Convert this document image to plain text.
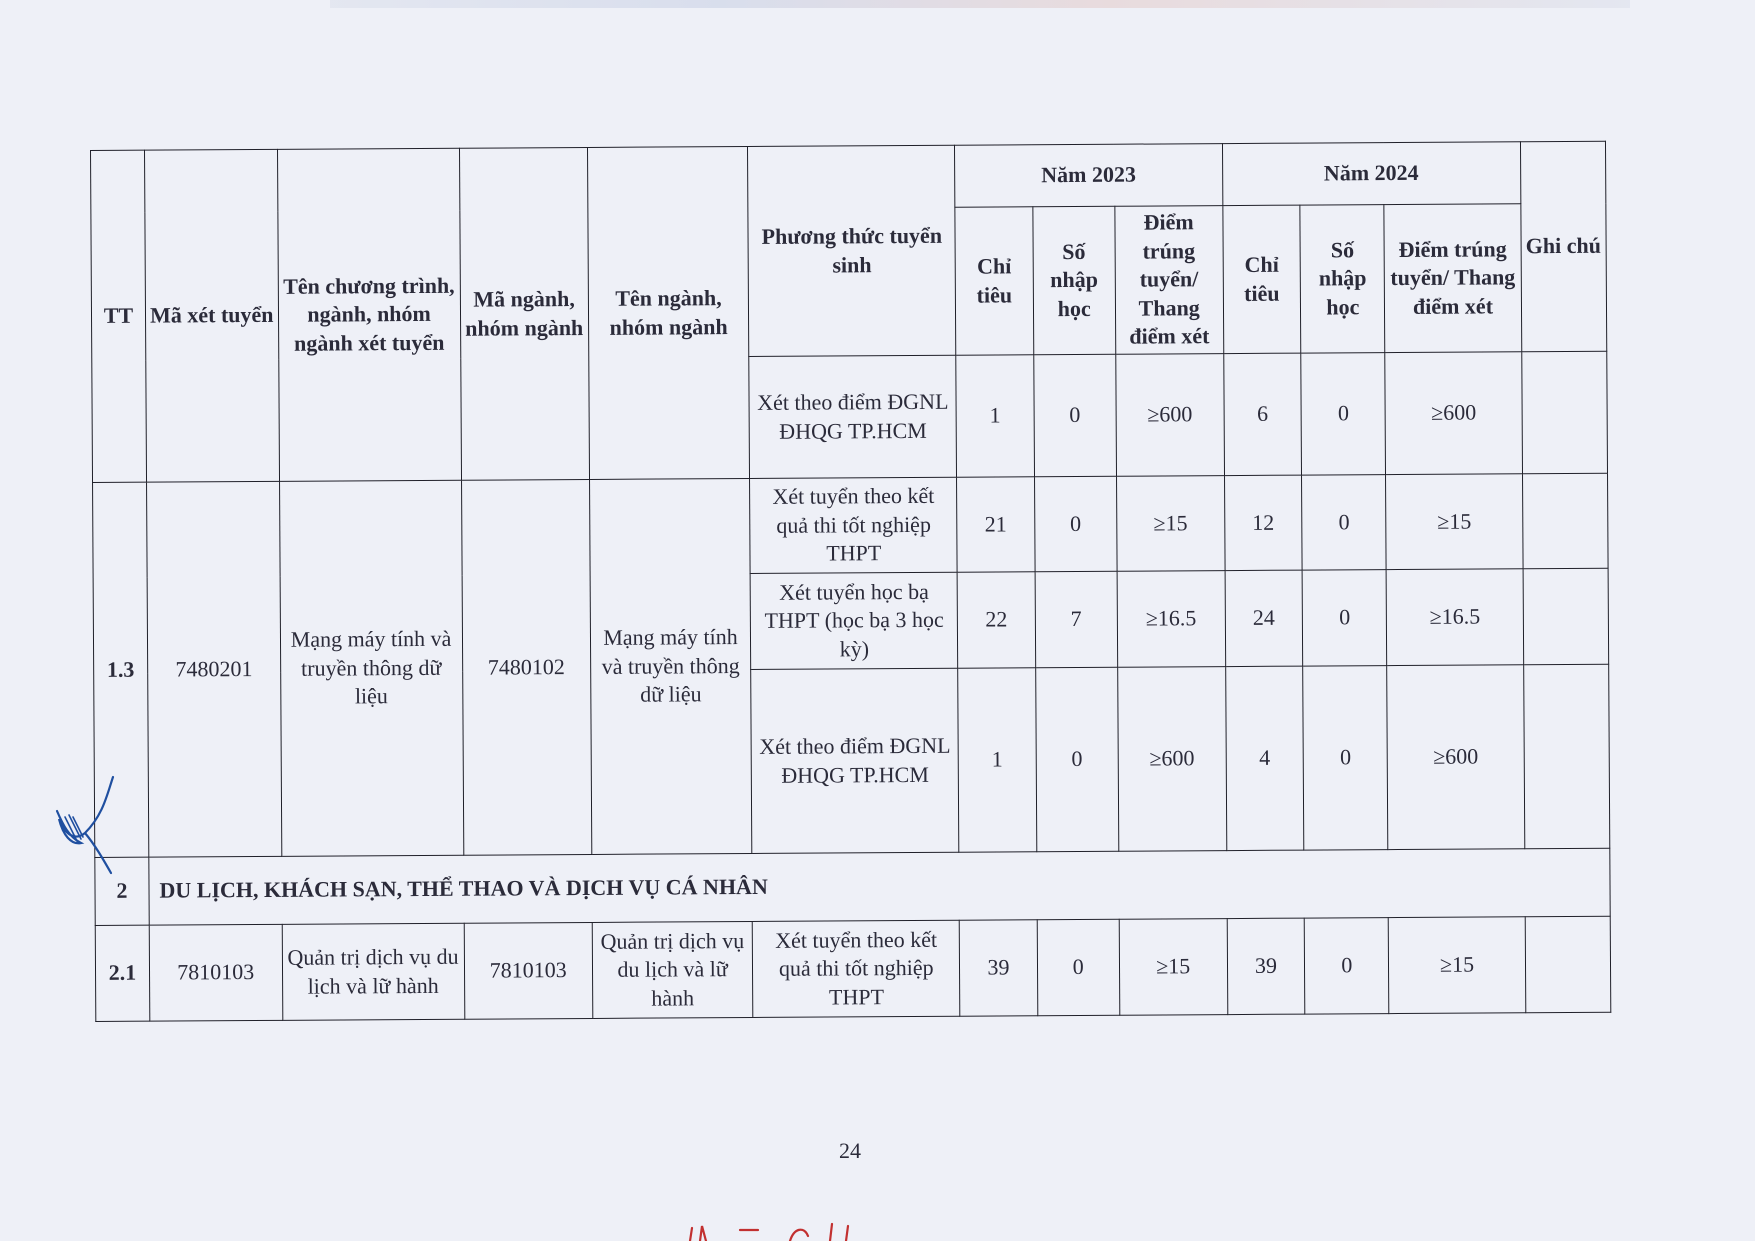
TT	Mã xét tuyển	Tên chương trình, ngành, nhóm ngành xét tuyển	Mã ngành, nhóm ngành	Tên ngành, nhóm ngành	Phương thức tuyển sinh	Năm 2023			Năm 2024			Ghi chú
						Chỉ tiêu	Số nhập học	Điểm trúng tuyển/ Thang điểm xét	Chỉ tiêu	Số nhập học	Điểm trúng tuyển/ Thang điểm xét	
					Xét theo điểm ĐGNL ĐHQG TP.HCM	1	0	≥600	6	0	≥600	
1.3	7480201	Mạng máy tính và truyền thông dữ liệu	7480102	Mạng máy tính và truyền thông dữ liệu	Xét tuyển theo kết quả thi tốt nghiệp THPT	21	0	≥15	12	0	≥15	
					Xét tuyển học bạ THPT (học bạ 3 học kỳ)	22	7	≥16.5	24	0	≥16.5	
					Xét theo điểm ĐGNL ĐHQG TP.HCM	1	0	≥600	4	0	≥600	
2	DU LỊCH, KHÁCH SẠN, THỂ THAO VÀ DỊCH VỤ CÁ NHÂN											
2.1	7810103	Quản trị dịch vụ du lịch và lữ hành	7810103	Quản trị dịch vụ du lịch và lữ hành	Xét tuyển theo kết quả thi tốt nghiệp THPT	39	0	≥15	39	0	≥15	
24
